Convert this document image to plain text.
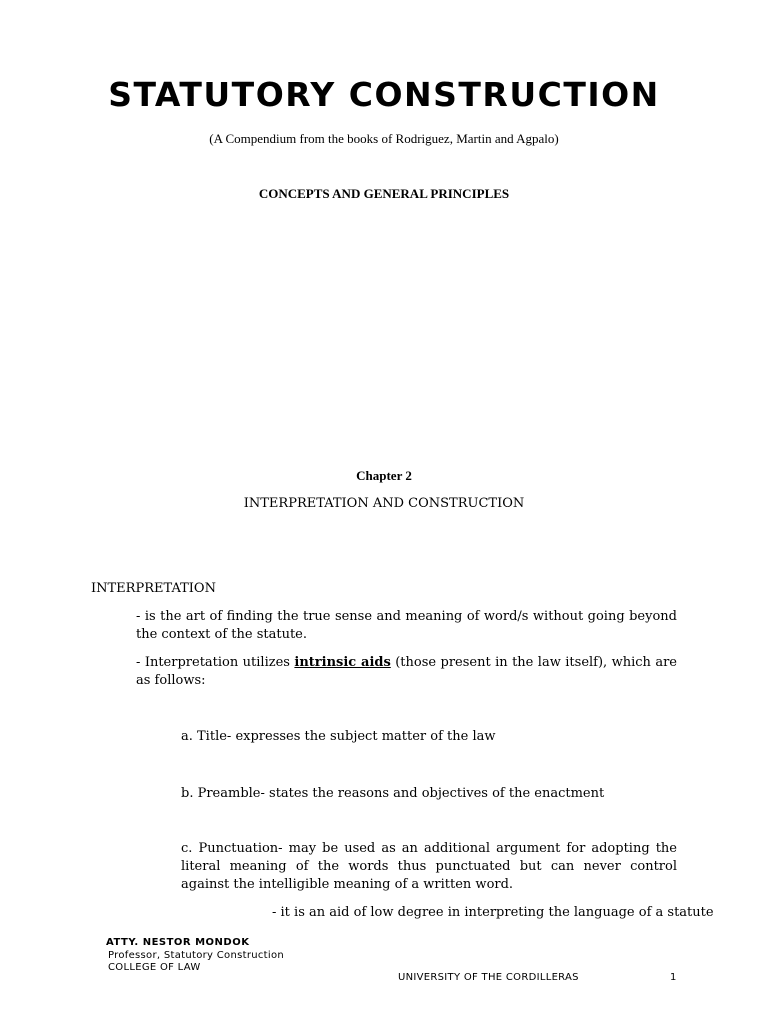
STATUTORY CONSTRUCTION
(A Compendium from the books of Rodriguez, Martin and Agpalo)
CONCEPTS AND GENERAL PRINCIPLES
Chapter 2
INTERPRETATION AND CONSTRUCTION
INTERPRETATION
- is the art of finding the true sense and meaning of word/s without going beyond the context of the statute.
- Interpretation utilizes intrinsic aids (those present in the law itself), which are as follows:
a. Title- expresses the subject matter of the law
b. Preamble- states the reasons and objectives of the enactment
c. Punctuation- may be used as an additional argument for adopting the literal meaning of the words thus punctuated but can never control against the intelligible meaning of a written word.
- it is an aid of low degree in interpreting the language of a statute
ATTY. NESTOR MONDOK
Professor, Statutory Construction
COLLEGE OF LAW
UNIVERSITY OF THE CORDILLERAS	1
